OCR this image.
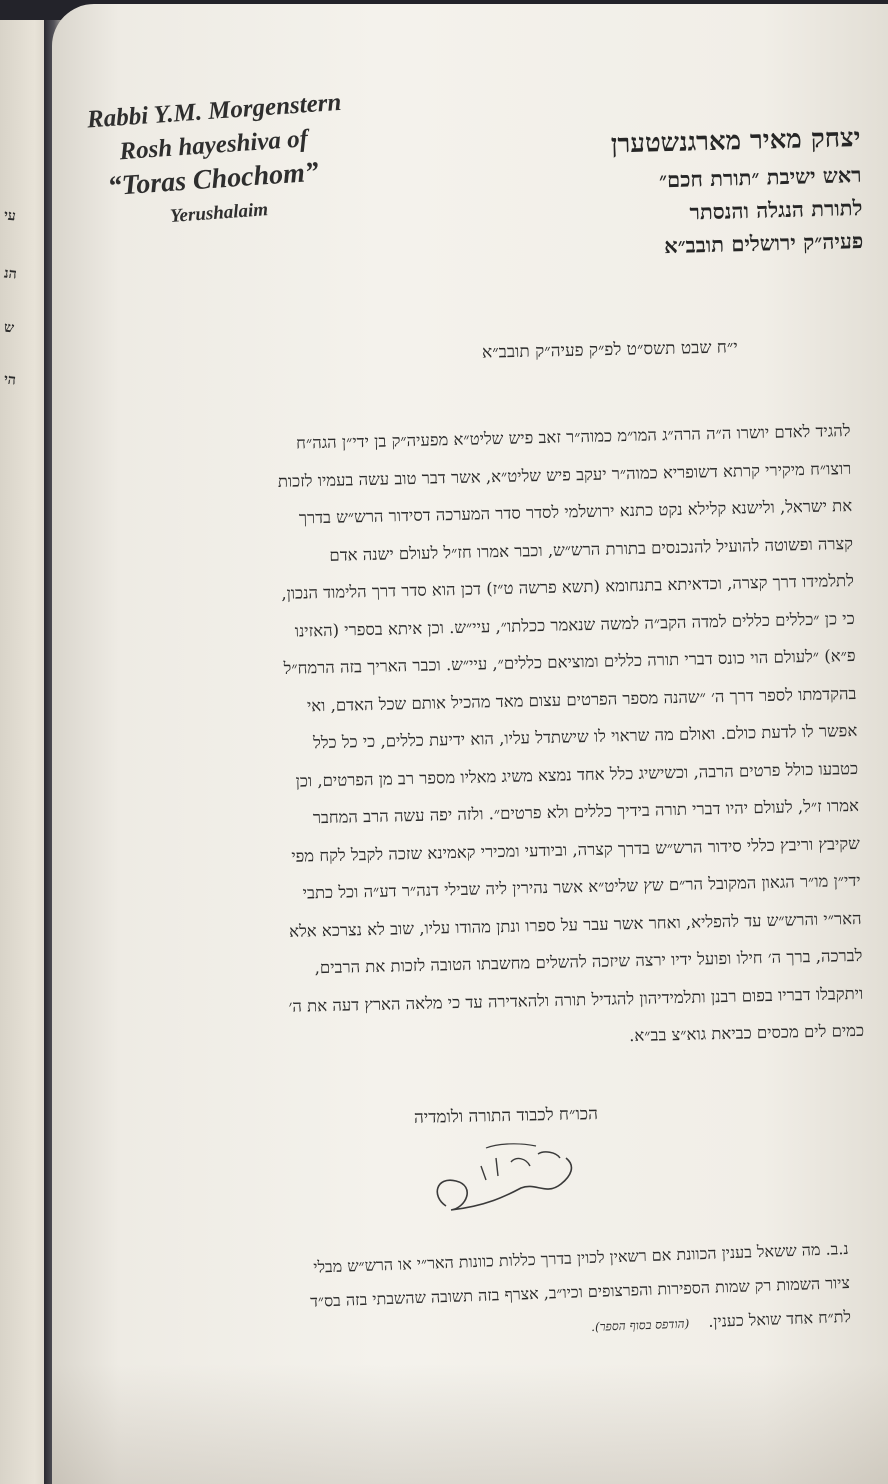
עי
הנ
ש
הי
Rabbi Y.M. Morgenstern
Rosh hayeshiva of
“Toras Chochom”
Yerushalaim
יצחק מאיר מארגנשטערן
ראש ישיבת ״תורת חכם״
לתורת הנגלה והנסתר
פעיה״ק ירושלים תובב״א
י״ח שבט תשס״ט לפ״ק פעיה״ק תובב״א
להגיד לאדם יושרו ה״ה הרה״ג המו״מ כמוה״ר זאב פיש שליט״א מפעיה״ק בן ידי״ן הגה״ח
רוצו״ח מיקירי קרתא דשופריא כמוה״ר יעקב פיש שליט״א, אשר דבר טוב עשה בעמיו לזכות
את ישראל, ולישנא קלילא נקט כתנא ירושלמי לסדר סדר המערכה דסידור הרש״ש בדרך
קצרה ופשוטה להועיל להנכנסים בתורת הרש״ש, וכבר אמרו חז״ל לעולם ישנה אדם
לתלמידו דרך קצרה, וכדאיתא בתנחומא (תשא פרשה ט״ז) דכן הוא סדר דרך הלימוד הנכון,
כי כן ״כללים כללים למדה הקב״ה למשה שנאמר ככלתו״, עיי״ש. וכן איתא בספרי (האזינו
פ״א) ״לעולם הוי כונס דברי תורה כללים ומוציאם כללים״, עיי״ש. וכבר האריך בזה הרמח״ל
בהקדמתו לספר דרך ה׳ ״שהנה מספר הפרטים עצום מאד מהכיל אותם שכל האדם, ואי
אפשר לו לדעת כולם. ואולם מה שראוי לו שישתדל עליו, הוא ידיעת כללים, כי כל כלל
כטבעו כולל פרטים הרבה, וכשישיג כלל אחד נמצא משיג מאליו מספר רב מן הפרטים, וכן
אמרו ז״ל, לעולם יהיו דברי תורה בידיך כללים ולא פרטים״. ולזה יפה עשה הרב המחבר
שקיבץ וריבץ כללי סידור הרש״ש בדרך קצרה, וביודעי ומכירי קאמינא שזכה לקבל לקח מפי
ידי״ן מו״ר הגאון המקובל הר״ם שץ שליט״א אשר נהירין ליה שבילי דנה״ר דע״ה וכל כתבי
האר״י והרש״ש עד להפליא, ואחר אשר עבר על ספרו ונתן מהודו עליו, שוב לא נצרכא אלא
לברכה, ברך ה׳ חילו ופועל ידיו ירצה שיזכה להשלים מחשבתו הטובה לזכות את הרבים,
ויתקבלו דבריו בפום רבנן ותלמידיהון להגדיל תורה ולהאדירה עד כי מלאה הארץ דעה את ה׳
כמים לים מכסים כביאת גוא״צ בב״א.
הכו״ח לכבוד התורה ולומדיה
נ.ב. מה ששאל בענין הכוונת אם רשאין לכוין בדרך כללות כוונות האר״י או הרש״ש מבלי
ציור השמות רק שמות הספירות והפרצופים וכיו״ב, אצרף בזה תשובה שהשבתי בזה בס״ד
לת״ח אחד שואל כענין. (הודפס בסוף הספר).
